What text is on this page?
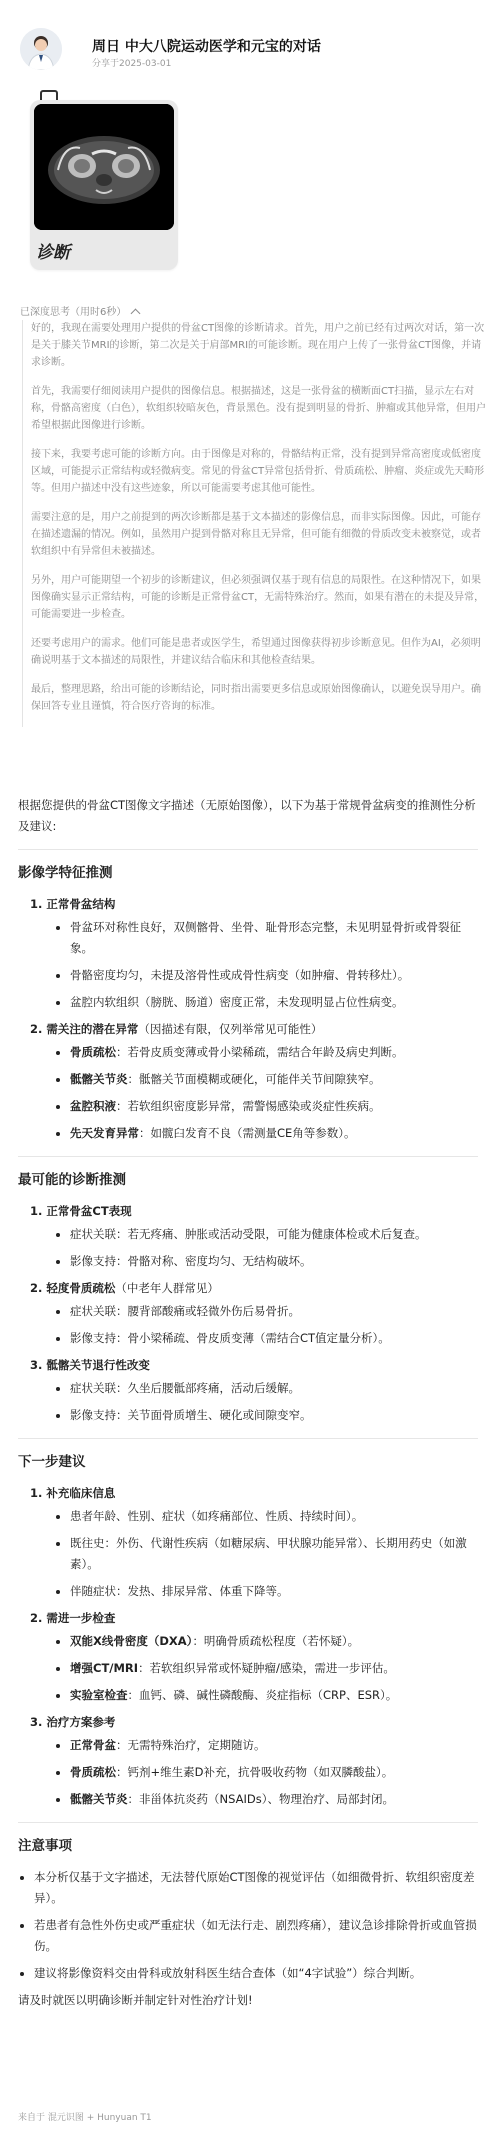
周日 中大八院运动医学和元宝的对话
分享于2025-03-01
诊断
已深度思考（用时6秒）

好的，我现在需要处理用户提供的骨盆CT图像的诊断请求。首先，用户之前已经有过两次对话，第一次是关于膝关节MRI的诊断，第二次是关于肩部MRI的可能诊断。现在用户上传了一张骨盆CT图像，并请求诊断。

首先，我需要仔细阅读用户提供的图像信息。根据描述，这是一张骨盆的横断面CT扫描，显示左右对称，骨骼高密度（白色），软组织较暗灰色，背景黑色。没有提到明显的骨折、肿瘤或其他异常，但用户希望根据此图像进行诊断。

接下来，我要考虑可能的诊断方向。由于图像是对称的，骨骼结构正常，没有提到异常高密度或低密度区域，可能提示正常结构或轻微病变。常见的骨盆CT异常包括骨折、骨质疏松、肿瘤、炎症或先天畸形等。但用户描述中没有这些迹象，所以可能需要考虑其他可能性。

需要注意的是，用户之前提到的两次诊断都是基于文本描述的影像信息，而非实际图像。因此，可能存在描述遗漏的情况。例如，虽然用户提到骨骼对称且无异常，但可能有细微的骨质改变未被察觉，或者软组织中有异常但未被描述。

另外，用户可能期望一个初步的诊断建议，但必须强调仅基于现有信息的局限性。在这种情况下，如果图像确实显示正常结构，可能的诊断是正常骨盆CT，无需特殊治疗。然而，如果有潜在的未提及异常，可能需要进一步检查。

还要考虑用户的需求。他们可能是患者或医学生，希望通过图像获得初步诊断意见。但作为AI，必须明确说明基于文本描述的局限性，并建议结合临床和其他检查结果。

最后，整理思路，给出可能的诊断结论，同时指出需要更多信息或原始图像确认，以避免误导用户。确保回答专业且谨慎，符合医疗咨询的标准。

根据您提供的骨盆CT图像文字描述（无原始图像），以下为基于常规骨盆病变的推测性分析及建议:

影像学特征推测
1. 正常骨盆结构
• 骨盆环对称性良好，双侧髂骨、坐骨、耻骨形态完整，未见明显骨折或骨裂征象。
• 骨骼密度均匀，未提及溶骨性或成骨性病变（如肿瘤、骨转移灶）。
• 盆腔内软组织（膀胱、肠道）密度正常，未发现明显占位性病变。
2. 需关注的潜在异常（因描述有限，仅列举常见可能性）
• 骨质疏松：若骨皮质变薄或骨小梁稀疏，需结合年龄及病史判断。
• 骶髂关节炎：骶髂关节面模糊或硬化，可能伴关节间隙狭窄。
• 盆腔积液：若软组织密度影异常，需警惕感染或炎症性疾病。
• 先天发育异常：如髋臼发育不良（需测量CE角等参数）。
最可能的诊断推测
1. 正常骨盆CT表现
• 症状关联：若无疼痛、肿胀或活动受限，可能为健康体检或术后复查。
• 影像支持：骨骼对称、密度均匀、无结构破坏。
2. 轻度骨质疏松（中老年人群常见）
• 症状关联：腰背部酸痛或轻微外伤后易骨折。
• 影像支持：骨小梁稀疏、骨皮质变薄（需结合CT值定量分析）。
3. 骶髂关节退行性改变
• 症状关联：久坐后腰骶部疼痛，活动后缓解。
• 影像支持：关节面骨质增生、硬化或间隙变窄。
下一步建议
1. 补充临床信息
• 患者年龄、性别、症状（如疼痛部位、性质、持续时间）。
• 既往史：外伤、代谢性疾病（如糖尿病、甲状腺功能异常）、长期用药史（如激素）。
• 伴随症状：发热、排尿异常、体重下降等。
2. 需进一步检查
• 双能X线骨密度（DXA）：明确骨质疏松程度（若怀疑）。
• 增强CT/MRI：若软组织异常或怀疑肿瘤/感染，需进一步评估。
• 实验室检查：血钙、磷、碱性磷酸酶、炎症指标（CRP、ESR）。
3. 治疗方案参考
• 正常骨盆：无需特殊治疗，定期随访。
• 骨质疏松：钙剂+维生素D补充，抗骨吸收药物（如双膦酸盐）。
• 骶髂关节炎：非甾体抗炎药（NSAIDs）、物理治疗、局部封闭。
注意事项
• 本分析仅基于文字描述，无法替代原始CT图像的视觉评估（如细微骨折、软组织密度差异）。
• 若患者有急性外伤史或严重症状（如无法行走、剧烈疼痛），建议急诊排除骨折或血管损伤。
• 建议将影像资料交由骨科或放射科医生结合查体（如“4字试验”）综合判断。

请及时就医以明确诊断并制定针对性治疗计划!

来自于 混元识图 + Hunyuan T1
